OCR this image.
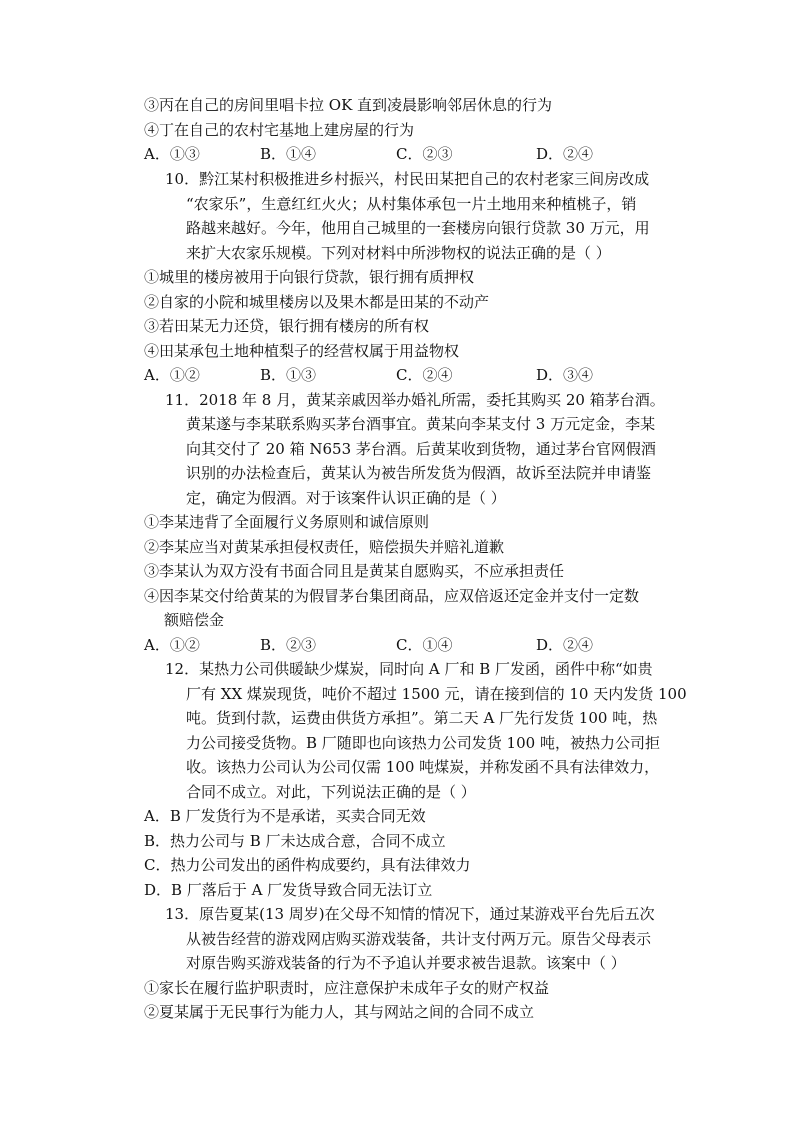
③丙在自己的房间里唱卡拉 OK 直到凌晨影响邻居休息的行为
④丁在自己的农村宅基地上建房屋的行为
A．①③	B．①④	C．②③	D．②④
10．黔江某村积极推进乡村振兴，村民田某把自己的农村老家三间房改成
“农家乐”，生意红红火火；从村集体承包一片土地用来种植桃子，销
路越来越好。今年，他用自己城里的一套楼房向银行贷款 30 万元，用
来扩大农家乐规模。下列对材料中所涉物权的说法正确的是（ ）
①城里的楼房被用于向银行贷款，银行拥有质押权
②自家的小院和城里楼房以及果木都是田某的不动产
③若田某无力还贷，银行拥有楼房的所有权
④田某承包土地种植梨子的经营权属于用益物权
A．①②	B．①③	C．②④	D．③④
11．2018 年 8 月，黄某亲戚因举办婚礼所需，委托其购买 20 箱茅台酒。
黄某遂与李某联系购买茅台酒事宜。黄某向李某支付 3 万元定金，李某
向其交付了 20 箱 N653 茅台酒。后黄某收到货物，通过茅台官网假酒
识别的办法检查后，黄某认为被告所发货为假酒，故诉至法院并申请鉴
定，确定为假酒。对于该案件认识正确的是（ ）
①李某违背了全面履行义务原则和诚信原则
②李某应当对黄某承担侵权责任，赔偿损失并赔礼道歉
③李某认为双方没有书面合同且是黄某自愿购买，不应承担责任
④因李某交付给黄某的为假冒茅台集团商品，应双倍返还定金并支付一定数
额赔偿金
A．①②	B．②③	C．①④	D．②④
12．某热力公司供暖缺少煤炭，同时向 A 厂和 B 厂发函，函件中称“如贵
厂有 XX 煤炭现货，吨价不超过 1500 元，请在接到信的 10 天内发货 100
吨。货到付款，运费由供货方承担”。第二天 A 厂先行发货 100 吨，热
力公司接受货物。B 厂随即也向该热力公司发货 100 吨，被热力公司拒
收。该热力公司认为公司仅需 100 吨煤炭，并称发函不具有法律效力，
合同不成立。对此，下列说法正确的是（ ）
A．B 厂发货行为不是承诺，买卖合同无效
B．热力公司与 B 厂未达成合意，合同不成立
C．热力公司发出的函件构成要约，具有法律效力
D．B 厂落后于 A 厂发货导致合同无法订立
13．原告夏某(13 周岁)在父母不知情的情况下，通过某游戏平台先后五次
从被告经营的游戏网店购买游戏装备，共计支付两万元。原告父母表示
对原告购买游戏装备的行为不予追认并要求被告退款。该案中（ ）
①家长在履行监护职责时，应注意保护未成年子女的财产权益
②夏某属于无民事行为能力人，其与网站之间的合同不成立
